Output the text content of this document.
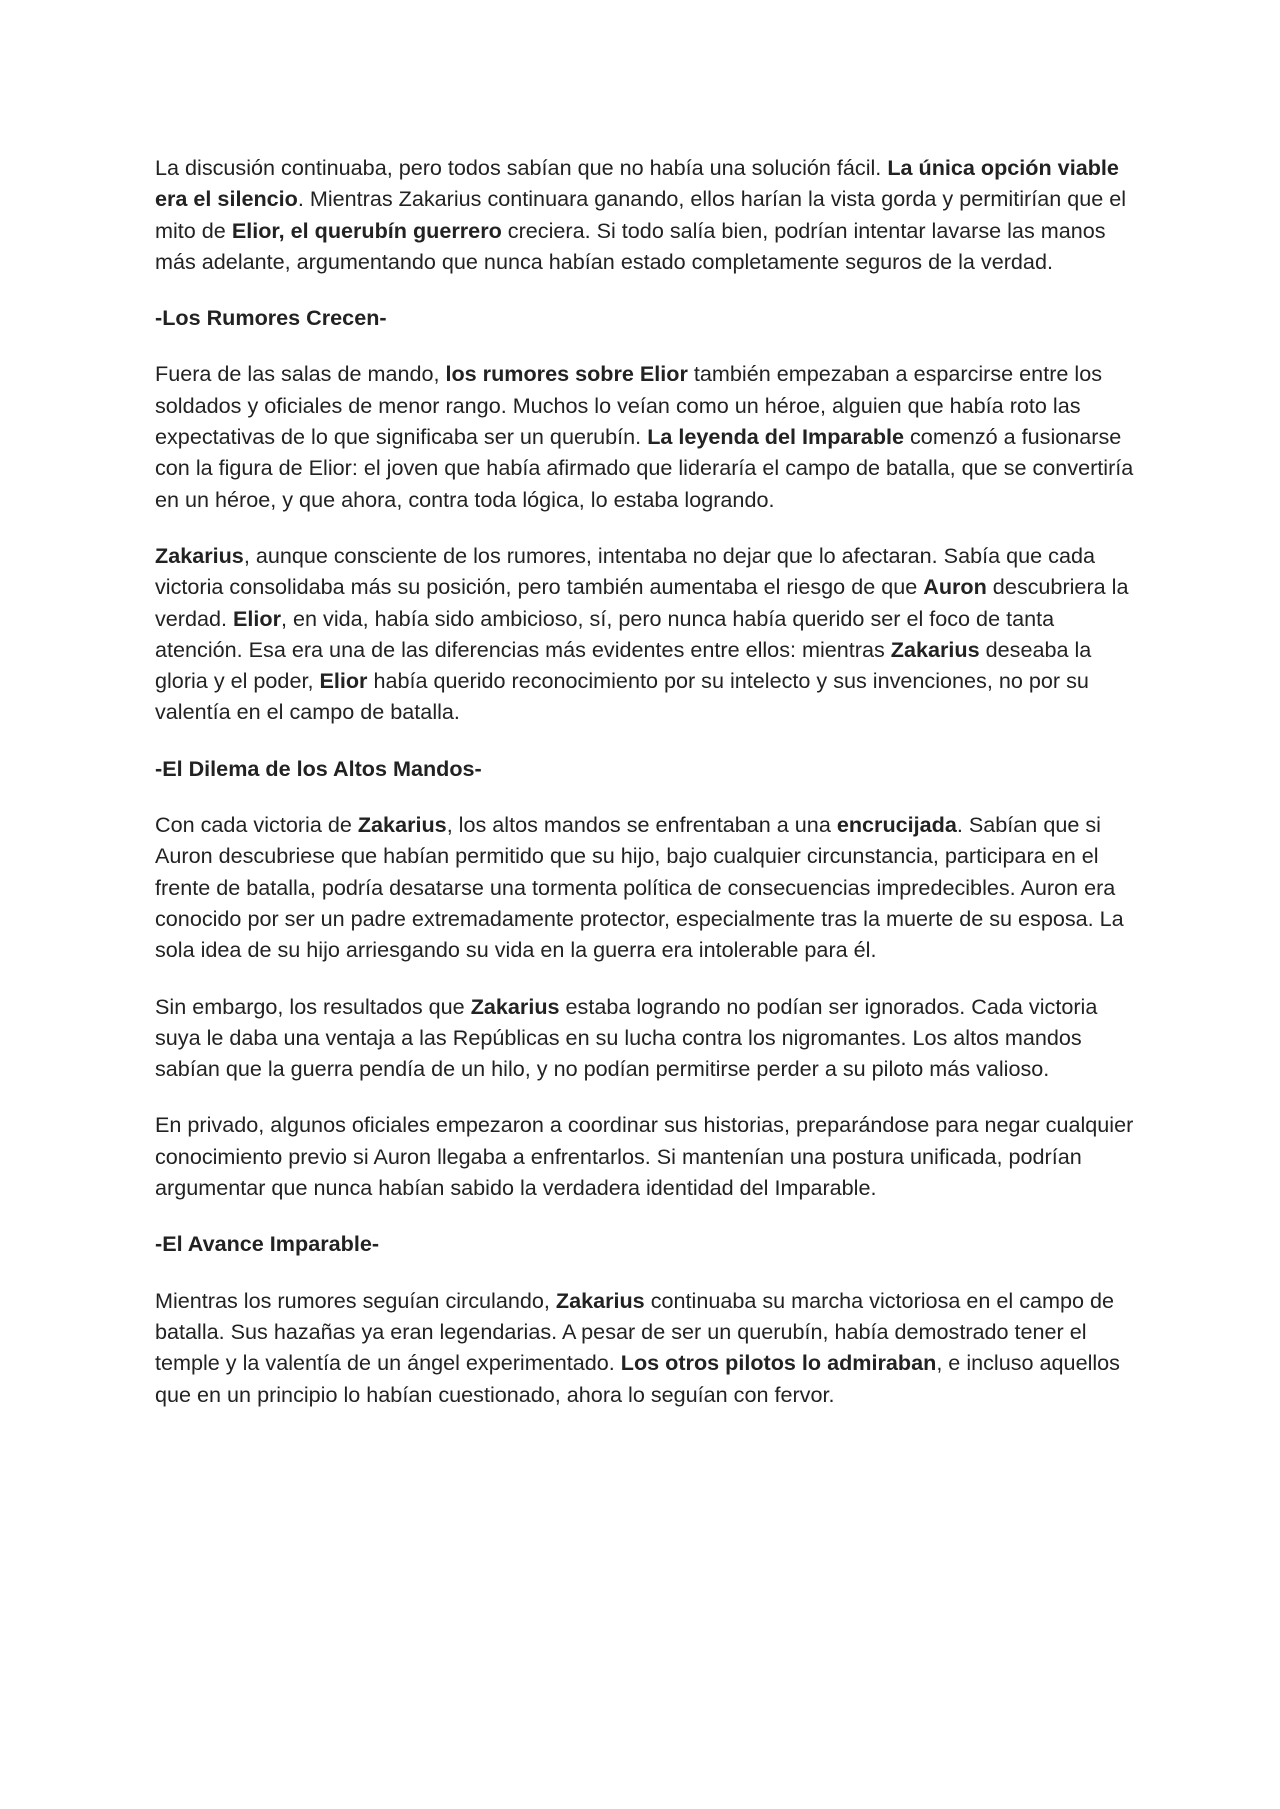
La discusión continuaba, pero todos sabían que no había una solución fácil. La única opción viable era el silencio. Mientras Zakarius continuara ganando, ellos harían la vista gorda y permitirían que el mito de Elior, el querubín guerrero creciera. Si todo salía bien, podrían intentar lavarse las manos más adelante, argumentando que nunca habían estado completamente seguros de la verdad.

-Los Rumores Crecen-

Fuera de las salas de mando, los rumores sobre Elior también empezaban a esparcirse entre los soldados y oficiales de menor rango. Muchos lo veían como un héroe, alguien que había roto las expectativas de lo que significaba ser un querubín. La leyenda del Imparable comenzó a fusionarse con la figura de Elior: el joven que había afirmado que lideraría el campo de batalla, que se convertiría en un héroe, y que ahora, contra toda lógica, lo estaba logrando.

Zakarius, aunque consciente de los rumores, intentaba no dejar que lo afectaran. Sabía que cada victoria consolidaba más su posición, pero también aumentaba el riesgo de que Auron descubriera la verdad. Elior, en vida, había sido ambicioso, sí, pero nunca había querido ser el foco de tanta atención. Esa era una de las diferencias más evidentes entre ellos: mientras Zakarius deseaba la gloria y el poder, Elior había querido reconocimiento por su intelecto y sus invenciones, no por su valentía en el campo de batalla.

-El Dilema de los Altos Mandos-

Con cada victoria de Zakarius, los altos mandos se enfrentaban a una encrucijada. Sabían que si Auron descubriese que habían permitido que su hijo, bajo cualquier circunstancia, participara en el frente de batalla, podría desatarse una tormenta política de consecuencias impredecibles. Auron era conocido por ser un padre extremadamente protector, especialmente tras la muerte de su esposa. La sola idea de su hijo arriesgando su vida en la guerra era intolerable para él.

Sin embargo, los resultados que Zakarius estaba logrando no podían ser ignorados. Cada victoria suya le daba una ventaja a las Repúblicas en su lucha contra los nigromantes. Los altos mandos sabían que la guerra pendía de un hilo, y no podían permitirse perder a su piloto más valioso.

En privado, algunos oficiales empezaron a coordinar sus historias, preparándose para negar cualquier conocimiento previo si Auron llegaba a enfrentarlos. Si mantenían una postura unificada, podrían argumentar que nunca habían sabido la verdadera identidad del Imparable.

-El Avance Imparable-

Mientras los rumores seguían circulando, Zakarius continuaba su marcha victoriosa en el campo de batalla. Sus hazañas ya eran legendarias. A pesar de ser un querubín, había demostrado tener el temple y la valentía de un ángel experimentado. Los otros pilotos lo admiraban, e incluso aquellos que en un principio lo habían cuestionado, ahora lo seguían con fervor.
